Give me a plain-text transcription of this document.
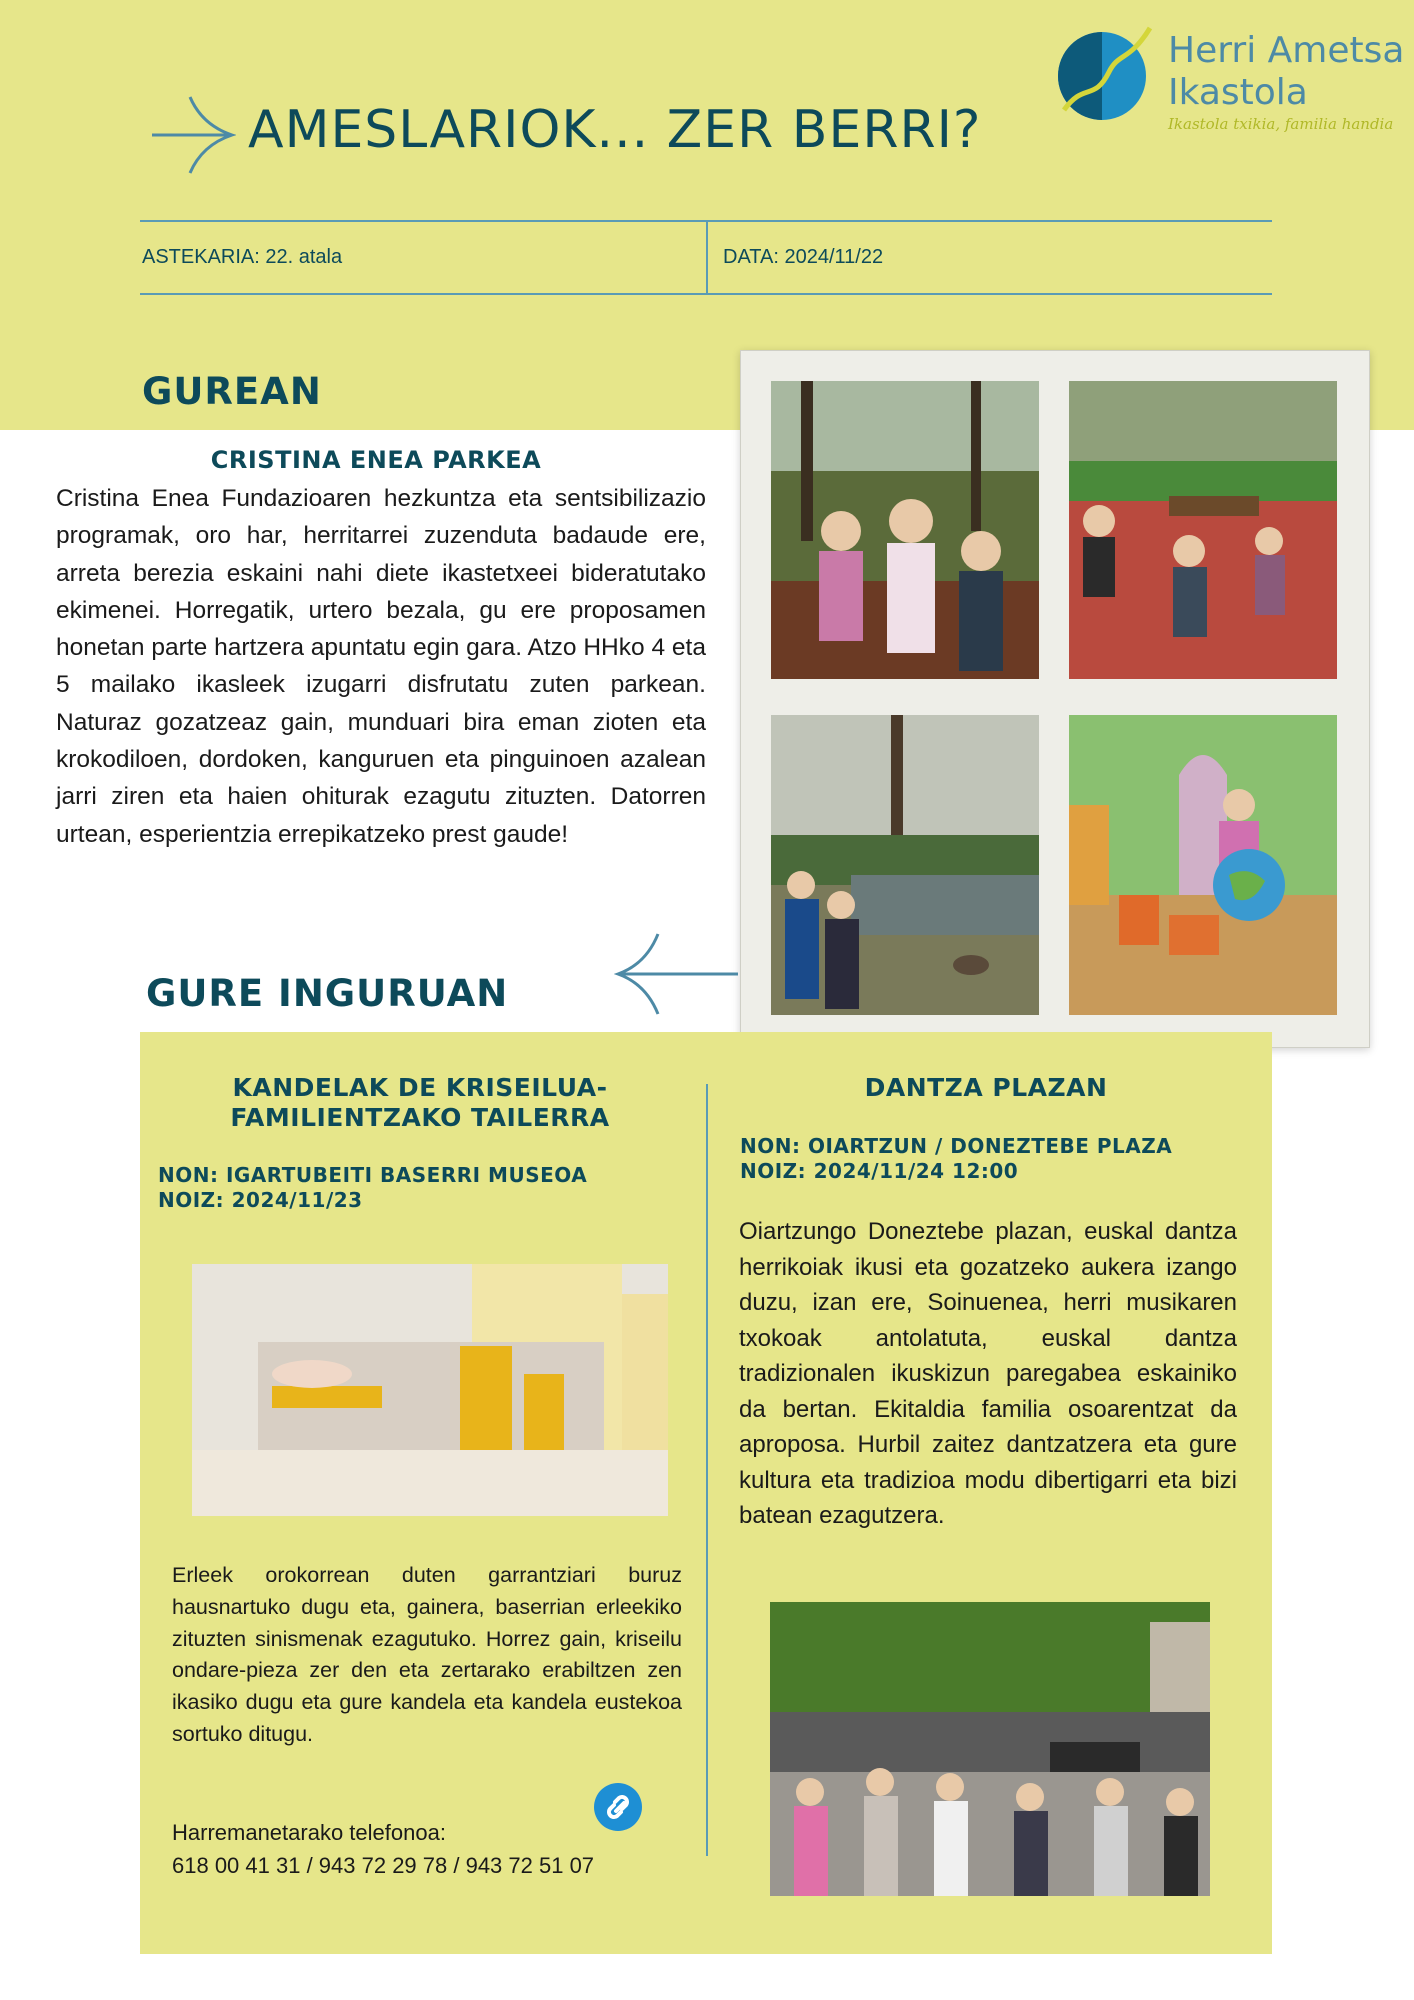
AMESLARIOK... ZER BERRI?
Herri Ametsa
Ikastola
Ikastola txikia, familia handia
ASTEKARIA: 22. atala	DATA: 2024/11/22
GUREAN
CRISTINA ENEA PARKEA
Cristina Enea Fundazioaren hezkuntza eta sentsibilizazio programak, oro har, herritarrei zuzenduta badaude ere, arreta berezia eskaini nahi diete ikastetxeei bideratutako ekimenei. Horregatik, urtero bezala, gu ere proposamen honetan parte hartzera apuntatu egin gara. Atzo HHko 4 eta 5 mailako ikasleek izugarri disfrutatu zuten parkean. Naturaz gozatzeaz gain, munduari bira eman zioten eta krokodiloen, dordoken, kanguruen eta pinguinoen azalean jarri ziren eta haien ohiturak ezagutu zituzten. Datorren urtean, esperientzia errepikatzeko prest gaude!
GURE INGURUAN
KANDELAK DE KRISEILUA- FAMILIENTZAKO TAILERRA
NON: IGARTUBEITI BASERRI MUSEOA
NOIZ: 2024/11/23
Erleek orokorrean duten garrantziari buruz hausnartuko dugu eta, gainera, baserrian erleekiko zituzten sinismenak ezagutuko. Horrez gain, kriseilu ondare-pieza zer den eta zertarako erabiltzen zen ikasiko dugu eta gure kandela eta kandela eustekoa sortuko ditugu.
Harremanetarako telefonoa:
618 00 41 31 / 943 72 29 78 / 943 72 51 07
DANTZA PLAZAN
NON: OIARTZUN / DONEZTEBE PLAZA
NOIZ: 2024/11/24 12:00
Oiartzungo Doneztebe plazan, euskal dantza herrikoiak ikusi eta gozatzeko aukera izango duzu, izan ere, Soinuenea, herri musikaren txokoak antolatuta, euskal dantza tradizionalen ikuskizun paregabea eskainiko da bertan. Ekitaldia familia osoarentzat da aproposa. Hurbil zaitez dantzatzera eta gure kultura eta tradizioa modu dibertigarri eta bizi batean ezagutzera.
